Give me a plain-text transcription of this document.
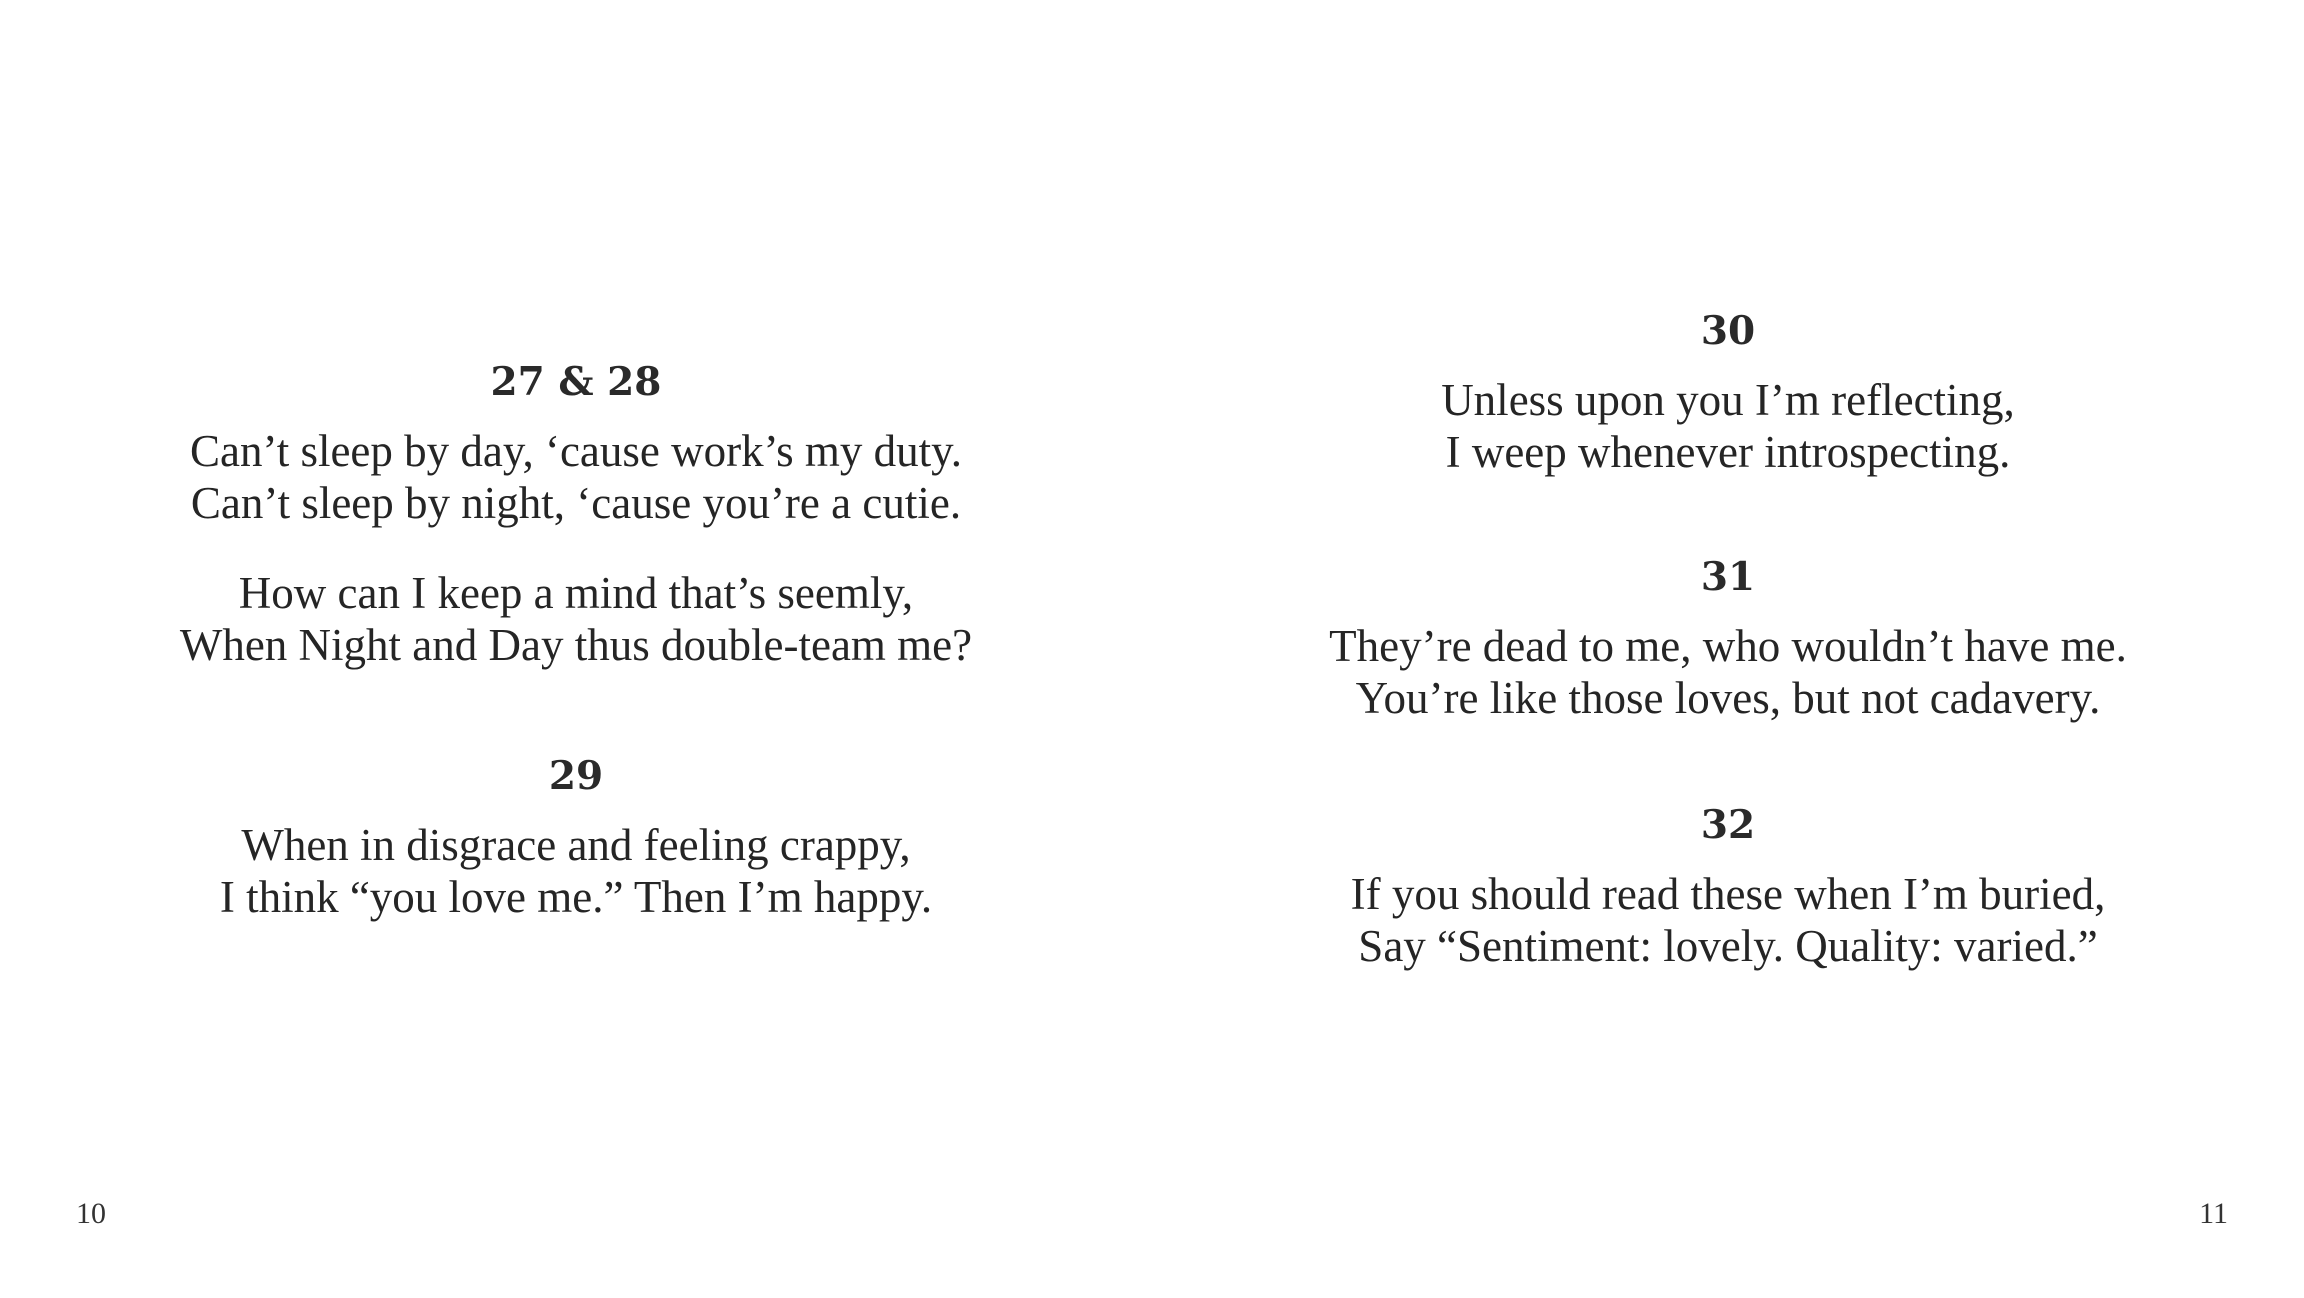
27 & 28
Can’t sleep by day, ‘cause work’s my duty.
Can’t sleep by night, ‘cause you’re a cutie.
How can I keep a mind that’s seemly,
When Night and Day thus double-team me?
29
When in disgrace and feeling crappy,
I think “you love me.” Then I’m happy.
10
30
Unless upon you I’m reflecting,
I weep whenever introspecting.
31
They’re dead to me, who wouldn’t have me.
You’re like those loves, but not cadavery.
32
If you should read these when I’m buried,
Say “Sentiment: lovely. Quality: varied.”
11
